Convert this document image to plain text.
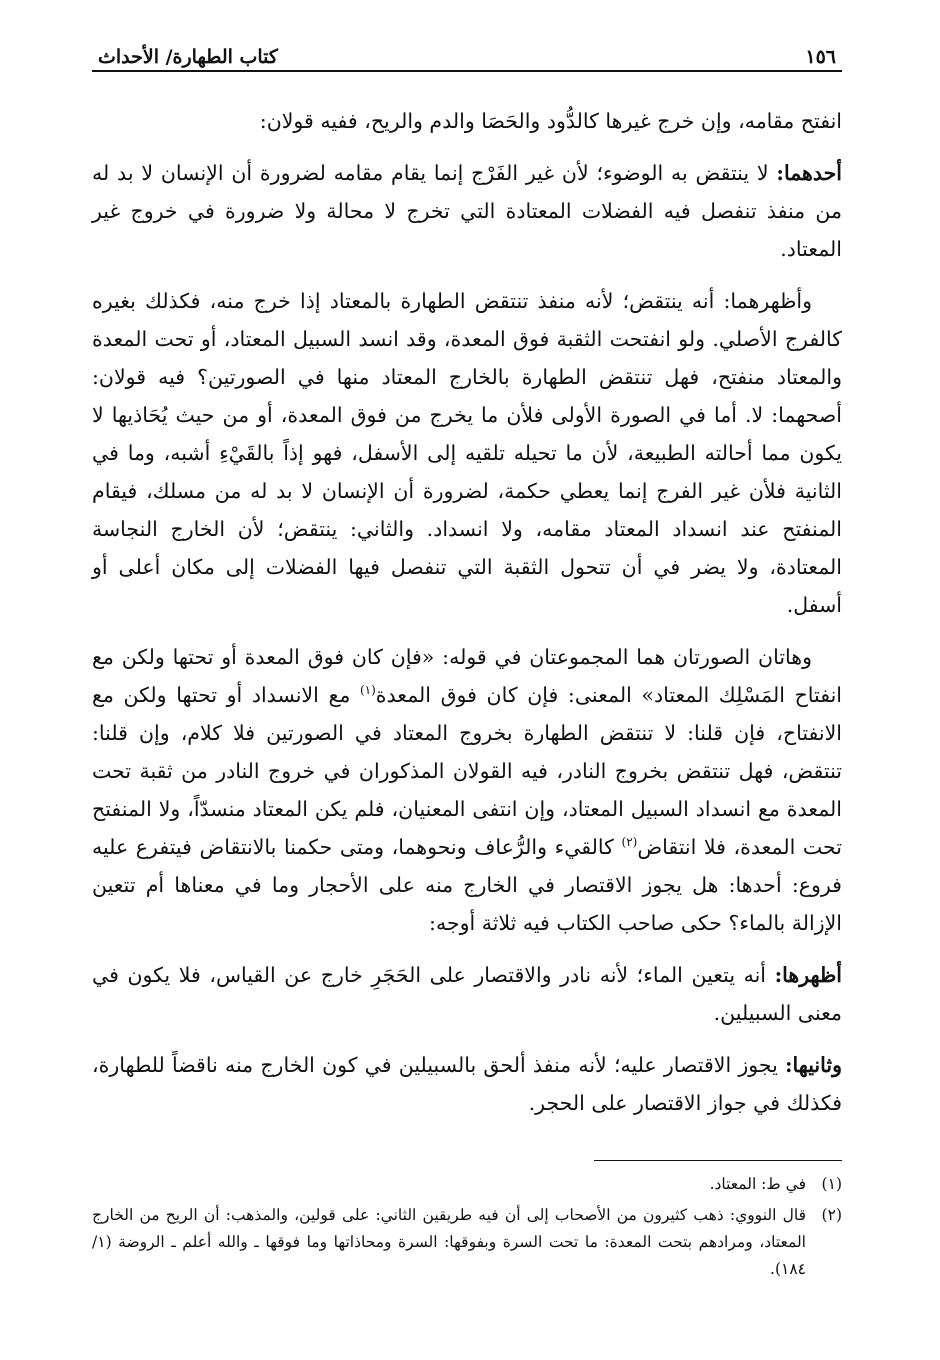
١٥٦
كتاب الطهارة/ الأحداث

انفتح مقامه، وإن خرج غيرها كالدُّود والحَصَا والدم والريح، ففيه قولان:

أحدهما: لا ينتقض به الوضوء؛ لأن غير الفَرْج إنما يقام مقامه لضرورة أن الإنسان لا بد له من منفذ تنفصل فيه الفضلات المعتادة التي تخرج لا محالة ولا ضرورة في خروج غير المعتاد.

وأظهرهما: أنه ينتقض؛ لأنه منفذ تنتقض الطهارة بالمعتاد إذا خرج منه، فكذلك بغيره كالفرج الأصلي. ولو انفتحت الثقبة فوق المعدة، وقد انسد السبيل المعتاد، أو تحت المعدة والمعتاد منفتح، فهل تنتقض الطهارة بالخارج المعتاد منها في الصورتين؟ فيه قولان: أصحهما: لا. أما في الصورة الأولى فلأن ما يخرج من فوق المعدة، أو من حيث يُحَاذيها لا يكون مما أحالته الطبيعة، لأن ما تحيله تلقيه إلى الأسفل، فهو إذاً بالقَيْءِ أشبه، وما في الثانية فلأن غير الفرج إنما يعطي حكمة، لضرورة أن الإنسان لا بد له من مسلك، فيقام المنفتح عند انسداد المعتاد مقامه، ولا انسداد. والثاني: ينتقض؛ لأن الخارج النجاسة المعتادة، ولا يضر في أن تتحول الثقبة التي تنفصل فيها الفضلات إلى مكان أعلى أو أسفل.

وهاتان الصورتان هما المجموعتان في قوله: «فإن كان فوق المعدة أو تحتها ولكن مع انفتاح المَسْلِك المعتاد» المعنى: فإن كان فوق المعدة$^{(١)}$ مع الانسداد أو تحتها ولكن مع الانفتاح، فإن قلنا: لا تنتقض الطهارة بخروج المعتاد في الصورتين فلا كلام، وإن قلنا: تنتقض، فهل تنتقض بخروج النادر، فيه القولان المذكوران في خروج النادر من ثقبة تحت المعدة مع انسداد السبيل المعتاد، وإن انتفى المعنيان، فلم يكن المعتاد منسدّاً، ولا المنفتح تحت المعدة، فلا انتقاض$^{(٢)}$ كالقيء والرُّعاف ونحوهما، ومتى حكمنا بالانتقاض فيتفرع عليه فروع: أحدها: هل يجوز الاقتصار في الخارج منه على الأحجار وما في معناها أم تتعين الإزالة بالماء؟ حكى صاحب الكتاب فيه ثلاثة أوجه:

أظهرها: أنه يتعين الماء؛ لأنه نادر والاقتصار على الحَجَرِ خارج عن القياس، فلا يكون في معنى السبيلين.

وثانيها: يجوز الاقتصار عليه؛ لأنه منفذ ألحق بالسبيلين في كون الخارج منه ناقضاً للطهارة، فكذلك في جواز الاقتصار على الحجر.

(١)
في ط: المعتاد.
(٢)
قال النووي: ذهب كثيرون من الأصحاب إلى أن فيه طريقين الثاني: على قولين، والمذهب: أن الريح من الخارج المعتاد، ومرادهم بتحت المعدة: ما تحت السرة وبفوقها: السرة ومحاذاتها وما فوقها ـ والله أعلم ـ الروضة (١/ ١٨٤).
